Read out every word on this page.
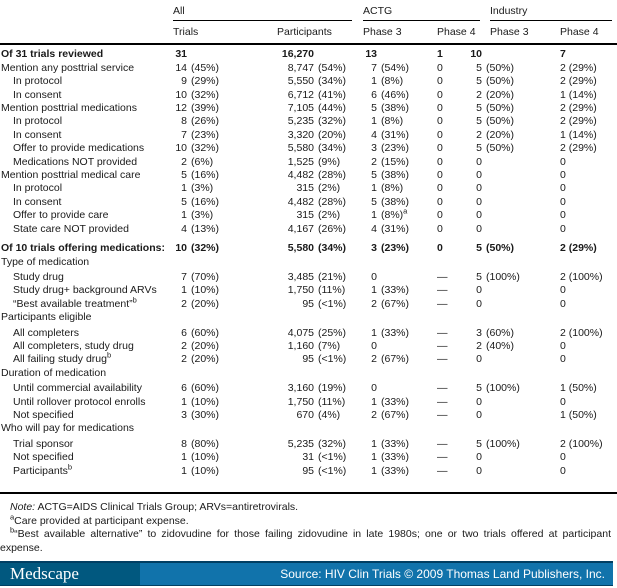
All	ACTG	Industry
Trials	Participants	Phase 3	Phase 4	Phase 3	Phase 4
Of 31 trials reviewed	31	16,270	13	1	10	7
Mention any posttrial service	14 (45%)	8,747 (54%)	7 (54%)	0	5 (50%)	2 (29%)
In protocol	9 (29%)	5,550 (34%)	1 (8%)	0	5 (50%)	2 (29%)
In consent	10 (32%)	6,712 (41%)	6 (46%)	0	2 (20%)	1 (14%)
Mention posttrial medications	12 (39%)	7,105 (44%)	5 (38%)	0	5 (50%)	2 (29%)
In protocol	8 (26%)	5,235 (32%)	1 (8%)	0	5 (50%)	2 (29%)
In consent	7 (23%)	3,320 (20%)	4 (31%)	0	2 (20%)	1 (14%)
Offer to provide medications	10 (32%)	5,580 (34%)	3 (23%)	0	5 (50%)	2 (29%)
Medications NOT provided	2 (6%)	1,525 (9%)	2 (15%)	0	0	0
Mention posttrial medical care	5 (16%)	4,482 (28%)	5 (38%)	0	0	0
In protocol	1 (3%)	315 (2%)	1 (8%)	0	0	0
In consent	5 (16%)	4,482 (28%)	5 (38%)	0	0	0
Offer to provide care	1 (3%)	315 (2%)	1 $(8\%)^a$	0	0	0
State care NOT provided	4 (13%)	4,167 (26%)	4 (31%)	0	0	0
Of 10 trials offering medications: 10 (32%)	5,580 (34%)	3 (23%)	0	5 (50%)	2 (29%)
Type of medication
Study drug	7 (70%)	3,485 (21%)	0	—	5 (100%)	2 (100%)
Study drug+ background ARVs	1 (10%)	1,750 (11%)	1 (33%)	—	0	0
“Best available treatment”$^b$	2 (20%)	95 (<1%)	2 (67%)	—	0	0
Participants eligible
All completers	6 (60%)	4,075 (25%)	1 (33%)	—	3 (60%)	2 (100%)
All completers, study drug	2 (20%)	1,160 (7%)	0	—	2 (40%)	0
All failing study drug$^b$	2 (20%)	95 (<1%)	2 (67%)	—	0	0
Duration of medication
Until commercial availability	6 (60%)	3,160 (19%)	0	—	5 (100%)	1 (50%)
Until rollover protocol enrolls	1 (10%)	1,750 (11%)	1 (33%)	—	0	0
Not specified	3 (30%)	670 (4%)	2 (67%)	—	0	1 (50%)
Who will pay for medications
Trial sponsor	8 (80%)	5,235 (32%)	1 (33%)	—	5 (100%)	2 (100%)
Not specified	1 (10%)	31 (<1%)	1 (33%)	—	0	0
Participants$^b$	1 (10%)	95 (<1%)	1 (33%)	—	0	0

Note: ACTG=AIDS Clinical Trials Group; ARVs=antiretrovirals.

$^a$Care provided at participant expense.

$^b$“Best available alternative” to zidovudine for those failing zidovudine in late 1980s; one or two trials offered at participant expense.

Medscape	Source: HIV Clin Trials © 2009 Thomas Land Publishers, Inc.
